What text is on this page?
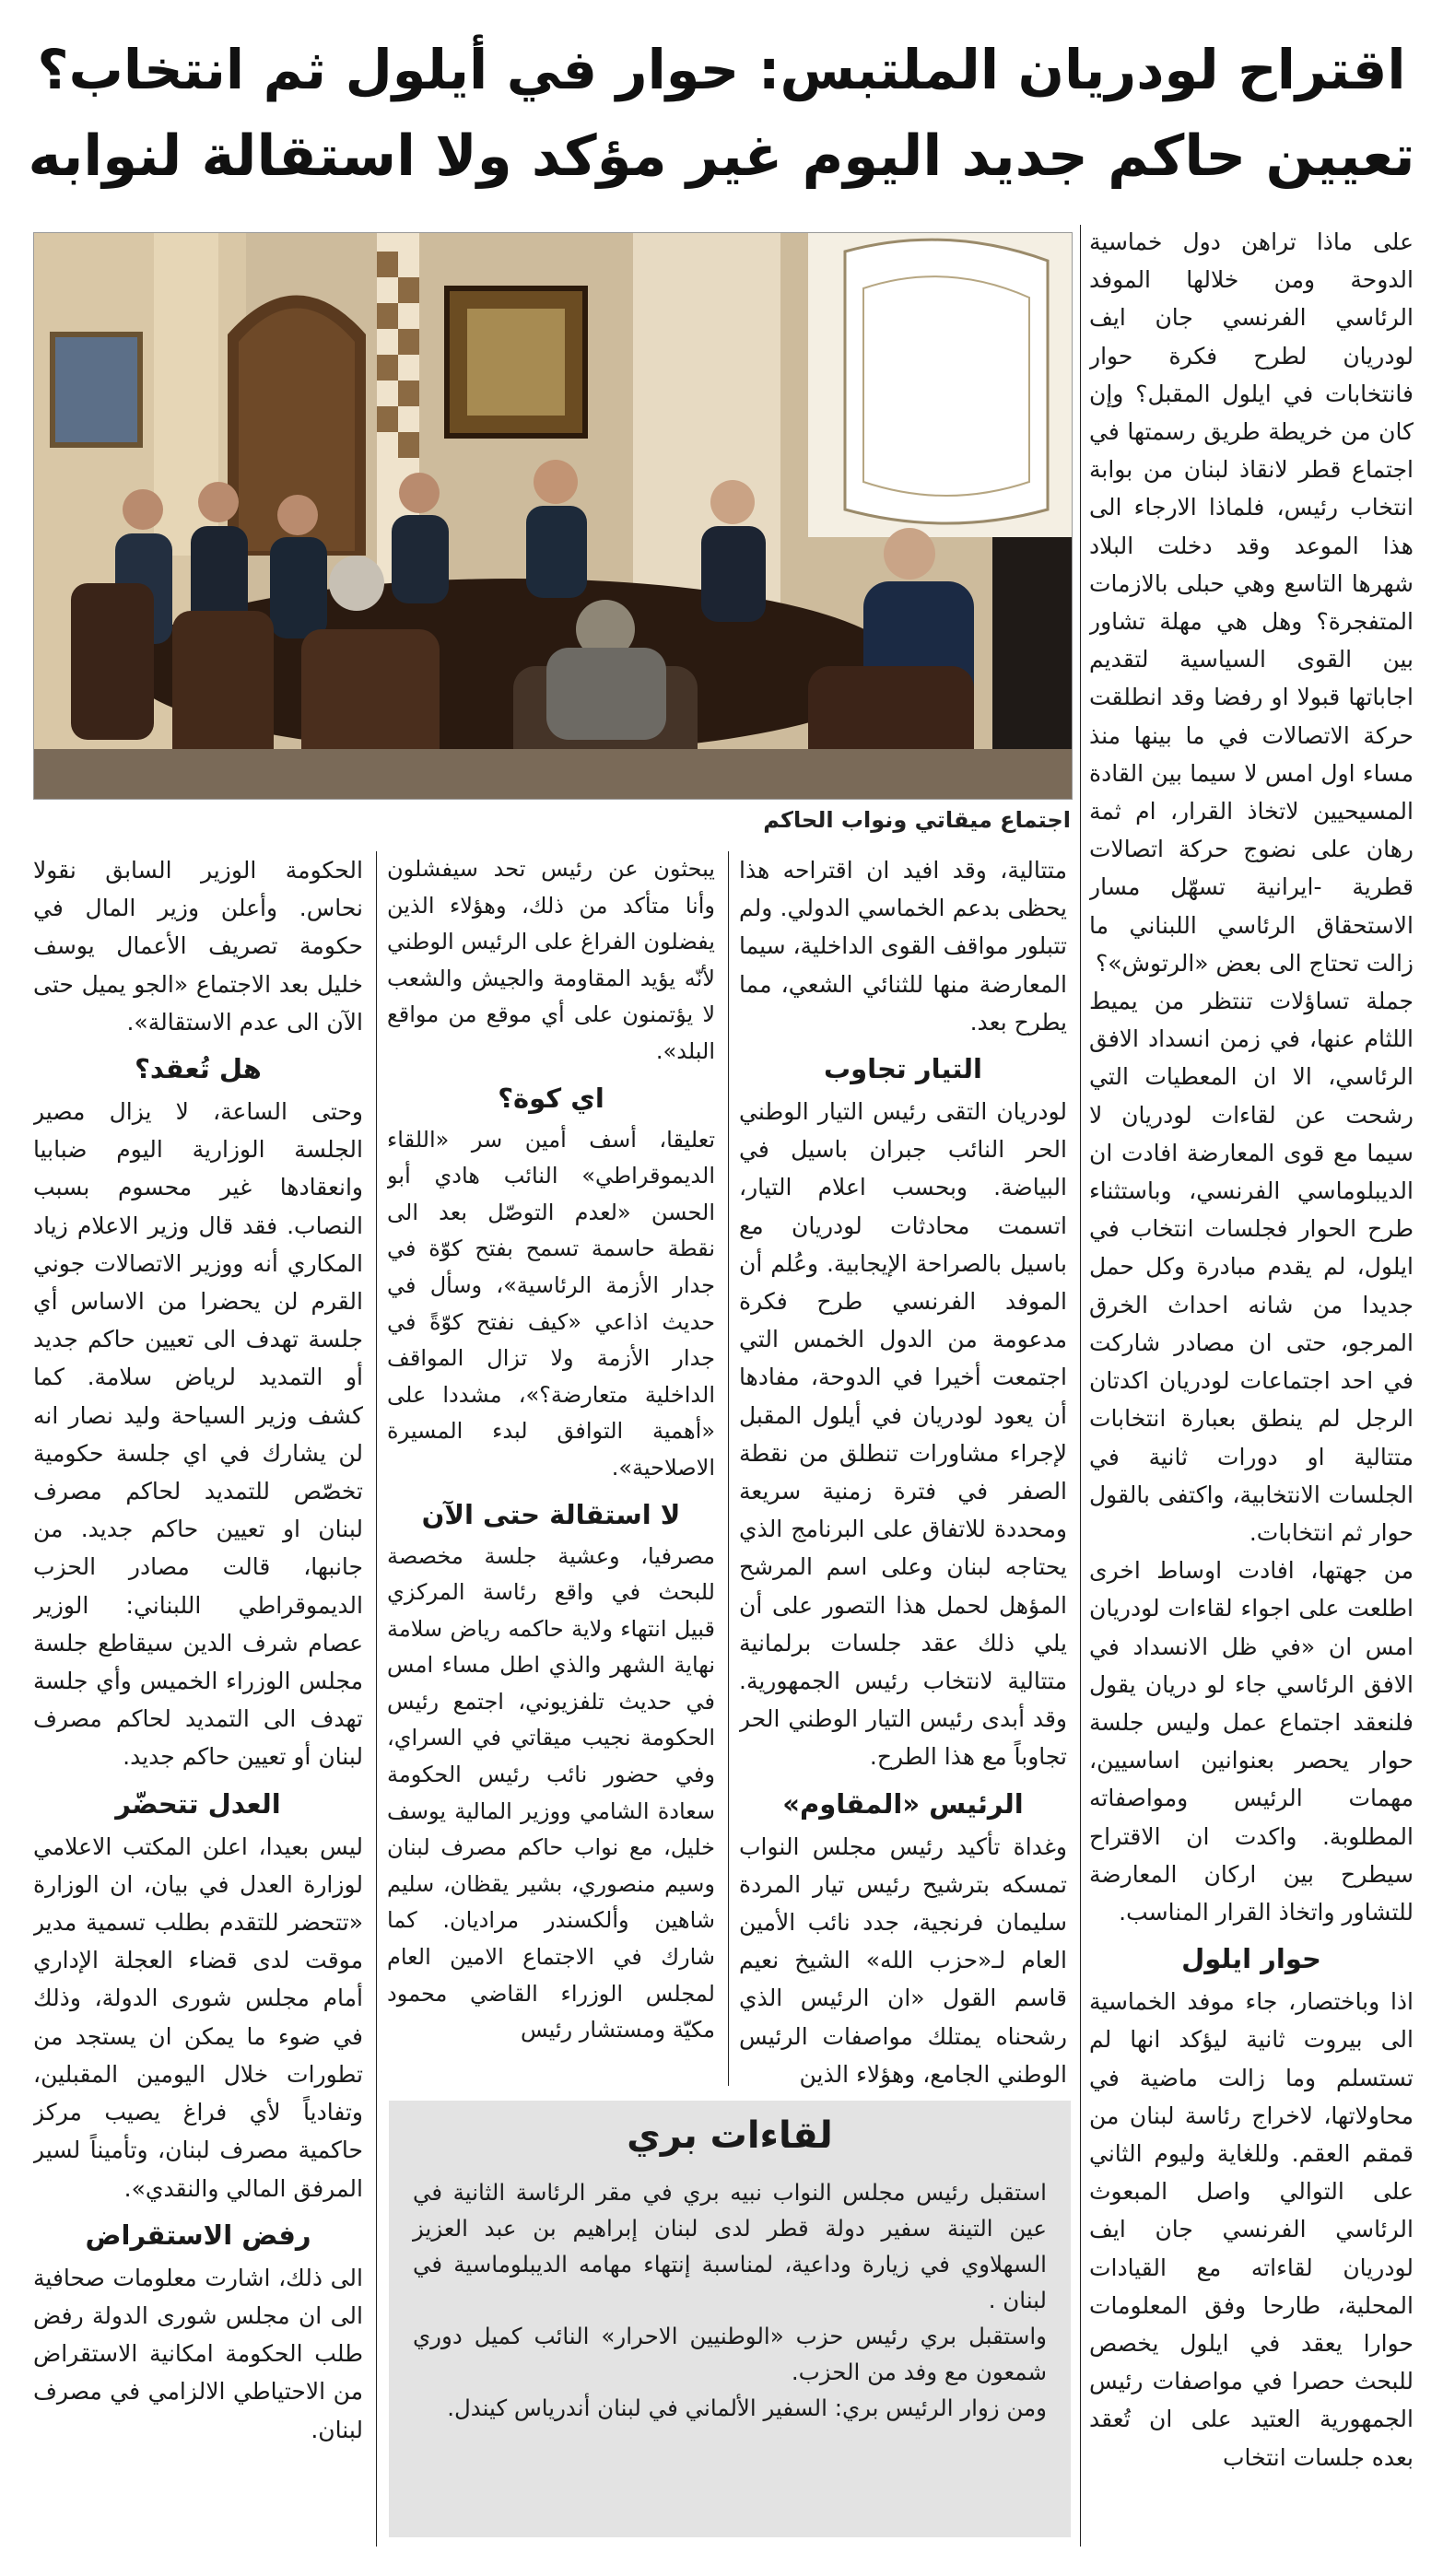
اقتراح لودريان الملتبس: حوار في أيلول ثم انتخاب؟
تعيين حاكم جديد اليوم غير مؤكد ولا استقالة لنوابه
اجتماع ميقاتي ونواب الحاكم

على ماذا تراهن دول خماسية الدوحة ومن خلالها الموفد الرئاسي الفرنسي جان ايف لودريان لطرح فكرة حوار فانتخابات في ايلول المقبل؟ وإن كان من خريطة طريق رسمتها في اجتماع قطر لانقاذ لبنان من بوابة انتخاب رئيس، فلماذا الارجاء الى هذا الموعد وقد دخلت البلاد شهرها التاسع وهي حبلى بالازمات المتفجرة؟ وهل هي مهلة تشاور بين القوى السياسية لتقديم اجاباتها قبولا او رفضا وقد انطلقت حركة الاتصالات في ما بينها منذ مساء اول امس لا سيما بين القادة المسيحيين لاتخاذ القرار، ام ثمة رهان على نضوج حركة اتصالات قطرية -ايرانية تسهّل مسار الاستحقاق الرئاسي اللبناني ما زالت تحتاج الى بعض «الرتوش»؟

جملة تساؤلات تنتظر من يميط اللثام عنها، في زمن انسداد الافق الرئاسي، الا ان المعطيات التي رشحت عن لقاءات لودريان لا سيما مع قوى المعارضة افادت ان الديبلوماسي الفرنسي، وباستثناء طرح الحوار فجلسات انتخاب في ايلول، لم يقدم مبادرة وكل حمل جديدا من شانه احداث الخرق المرجو، حتى ان مصادر شاركت في احد اجتماعات لودريان اكدتان الرجل لم ينطق بعبارة انتخابات متتالية او دورات ثانية في الجلسات الانتخابية، واكتفى بالقول حوار ثم انتخابات.

من جهتها، افادت اوساط اخرى اطلعت على اجواء لقاءات لودريان امس ان «في ظل الانسداد في الافق الرئاسي جاء لو دريان يقول فلنعقد اجتماع عمل وليس جلسة حوار يحصر بعنوانين اساسيين، مهمات الرئيس ومواصفاته المطلوبة. واكدت ان الاقتراح سيطرح بين اركان المعارضة للتشاور واتخاذ القرار المناسب.

حوار ايلول

اذا وباختصار، جاء موفد الخماسية الى بيروت ثانية ليؤكد انها لم تستسلم وما زالت ماضية في محاولاتها، لاخراج رئاسة لبنان من قمقم العقم. وللغاية وليوم الثاني على التوالي واصل المبعوث الرئاسي الفرنسي جان ايف لودريان لقاءاته مع القيادات المحلية، طارحا وفق المعلومات حوارا يعقد في ايلول يخصص للبحث حصرا في مواصفات رئيس الجمهورية العتيد على ان تُعقد بعده جلسات انتخاب

متتالية، وقد افيد ان اقتراحه هذا يحظى بدعم الخماسي الدولي. ولم تتبلور مواقف القوى الداخلية، سيما المعارضة منها للثنائي الشعي، مما يطرح بعد.

التيار تجاوب

لودريان التقى رئيس التيار الوطني الحر النائب جبران باسيل في البياضة. وبحسب اعلام التيار، اتسمت محادثات لودريان مع باسيل بالصراحة الإيجابية. وعُلم أن الموفد الفرنسي طرح فكرة مدعومة من الدول الخمس التي اجتمعت أخيرا في الدوحة، مفادها أن يعود لودريان في أيلول المقبل لإجراء مشاورات تنطلق من نقطة الصفر في فترة زمنية سريعة ومحددة للاتفاق على البرنامج الذي يحتاجه لبنان وعلى اسم المرشح المؤهل لحمل هذا التصور على أن يلي ذلك عقد جلسات برلمانية متتالية لانتخاب رئيس الجمهورية. وقد أبدى رئيس التيار الوطني الحر تجاوباً مع هذا الطرح.

الرئيس «المقاوم»

وغداة تأكيد رئيس مجلس النواب تمسكه بترشيح رئيس تيار المردة سليمان فرنجية، جدد نائب الأمين العام لـ«حزب الله» الشيخ نعيم قاسم القول «ان الرئيس الذي رشحناه يمتلك مواصفات الرئيس الوطني الجامع، وهؤلاء الذين

يبحثون عن رئيس تحد سيفشلون وأنا متأكد من ذلك، وهؤلاء الذين يفضلون الفراغ على الرئيس الوطني لأنّه يؤيد المقاومة والجيش والشعب لا يؤتمنون على أي موقع من مواقع البلد».

اي كوة؟

تعليقا، أسف أمين سر «اللقاء الديموقراطي» النائب هادي أبو الحسن «لعدم التوصّل بعد الى نقطة حاسمة تسمح بفتح كوّة في جدار الأزمة الرئاسية»، وسأل في حديث اذاعي «كيف نفتح كوّةً في جدار الأزمة ولا تزال المواقف الداخلية متعارضة؟»، مشددا على «أهمية التوافق لبدء المسيرة الاصلاحية».

لا استقالة حتى الآن

مصرفيا، وعشية جلسة مخصصة للبحث في واقع رئاسة المركزي قبيل انتهاء ولاية حاكمه رياض سلامة نهاية الشهر والذي اطل مساء امس في حديث تلفزيوني، اجتمع رئيس الحكومة نجيب ميقاتي في السراي، وفي حضور نائب رئيس الحكومة سعادة الشامي ووزير المالية يوسف خليل، مع نواب حاكم مصرف لبنان وسيم منصوري، بشير يقظان، سليم شاهين وألكسندر مراديان. كما شارك في الاجتماع الامين العام لمجلس الوزراء القاضي محمود مكيّة ومستشار رئيس

الحكومة الوزير السابق نقولا نحاس. وأعلن وزير المال في حكومة تصريف الأعمال يوسف خليل بعد الاجتماع «الجو يميل حتى الآن الى عدم الاستقالة».

هل تُعقد؟

وحتى الساعة، لا يزال مصير الجلسة الوزارية اليوم ضبابيا وانعقادها غير محسوم بسبب النصاب. فقد قال وزير الاعلام زياد المكاري أنه ووزير الاتصالات جوني القرم لن يحضرا من الاساس أي جلسة تهدف الى تعيين حاكم جديد أو التمديد لرياض سلامة. كما كشف وزير السياحة وليد نصار انه لن يشارك في اي جلسة حكومية تخصّص للتمديد لحاكم مصرف لبنان او تعيين حاكم جديد. من جانبها، قالت مصادر الحزب الديموقراطي اللبناني: الوزير عصام شرف الدين سيقاطع جلسة مجلس الوزراء الخميس وأي جلسة تهدف الى التمديد لحاكم مصرف لبنان أو تعيين حاكم جديد.

العدل تتحضّر

ليس بعيدا، اعلن المكتب الاعلامي لوزارة العدل في بيان، ان الوزارة «تتحضر للتقدم بطلب تسمية مدير موقت لدى قضاء العجلة الإداري أمام مجلس شورى الدولة، وذلك في ضوء ما يمكن ان يستجد من تطورات خلال اليومين المقبلين، وتفادياً لأي فراغ يصيب مركز حاكمية مصرف لبنان، وتأميناً لسير المرفق المالي والنقدي».

رفض الاستقراض

الى ذلك، اشارت معلومات صحافية الى ان مجلس شورى الدولة رفض طلب الحكومة امكانية الاستقراض من الاحتياطي الالزامي في مصرف لبنان.

لقاءات بري

استقبل رئيس مجلس النواب نبيه بري في مقر الرئاسة الثانية في عين التينة سفير دولة قطر لدى لبنان إبراهيم بن عبد العزيز السهلاوي في زيارة وداعية، لمناسبة إنتهاء مهامه الديبلوماسية في لبنان .

واستقبل بري رئيس حزب «الوطنيين الاحرار» النائب كميل دوري شمعون مع وفد من الحزب.

ومن زوار الرئيس بري: السفير الألماني في لبنان أندرياس كيندل.
